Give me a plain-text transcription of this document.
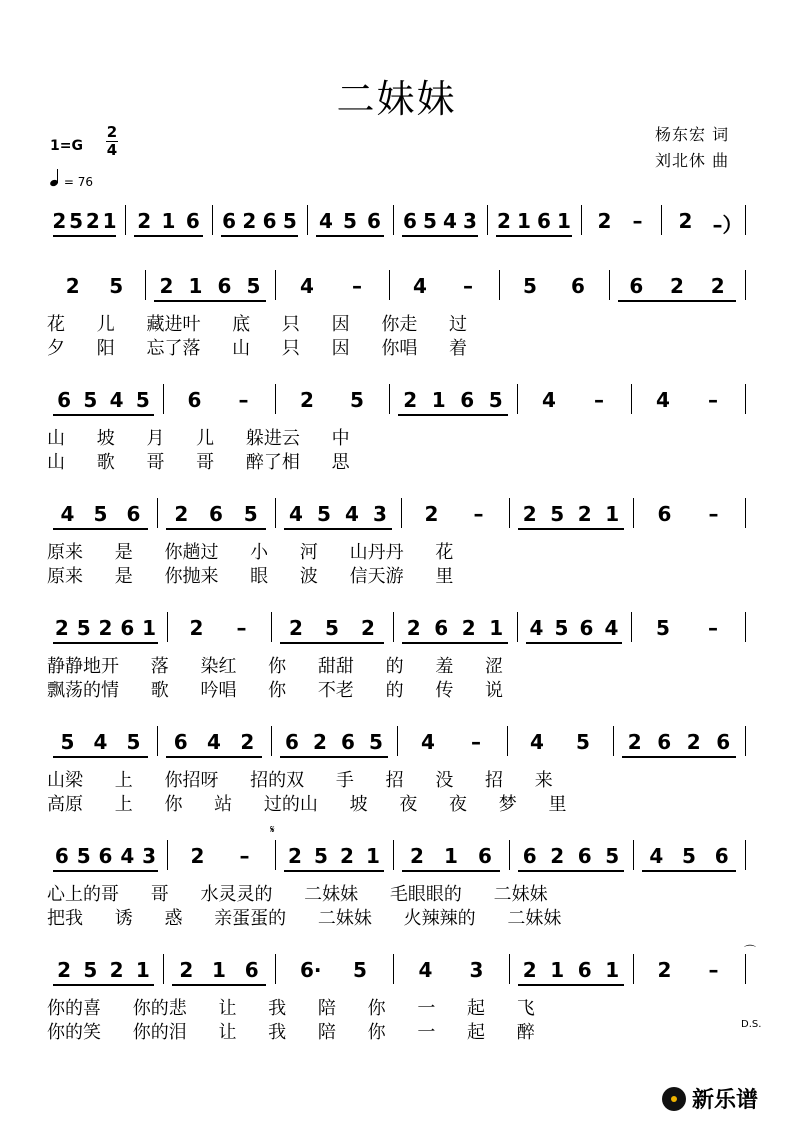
二妹妹
杨东宏 词
刘北休 曲
1=G
2
4
= 76
2 5 2 1 2 1 6 6 2 6 5 4 5 6 6 5 4 3 2 1 6 1 2 – 2 –）
2 5 2 1 6 5 4 –	4 –	5 6 6 2 2
花 儿 藏进叶 底 只 因 你走 过
夕 阳 忘了落 山 只 因 你唱 着
6 5 4 5 6 –	2 5 2 1 6 5 4 –	4 –
山 坡 月 儿 躲进云 中
山 歌 哥 哥 醉了相 思
4 5 6 2 6 5 4 5 4 3 2 – 2 5 2 1 6 –
原来 是 你趟过 小 河 山丹丹 花
原来 是 你抛来 眼 波 信天游 里
2 5 2 6 1 2 – 2 5 2 2 6 2 1 4 5 6 4 5 –
静静地开 落 染红 你 甜甜 的 羞 涩
飘荡的情 歌 吟唱 你 不老 的 传 说
5 4 5 6 4 2 6 2 6 5 4 – 4 5 2 6 2 6
山梁 上 你招呀 招的双 手 招 没 招 来
高原 上 你 站 过的山 坡 夜 夜 梦 里
6 5 6 4 3 2 – 2 5 2 1 2 1 6 6 2 6 5 4 5 6
心上的哥 哥 水灵灵的 二妹妹 毛眼眼的 二妹妹
把我 诱 惑 亲蛋蛋的 二妹妹 火辣辣的 二妹妹
2 5 2 1 2 1 6 6· 5	4 3 2 1 6 1 2 –
你的喜 你的悲 让 我 陪 你 一 起 飞
你的笑 你的泪 让 我 陪 你 一 起 醉
𝄋
⌒
D.S.
新乐谱
